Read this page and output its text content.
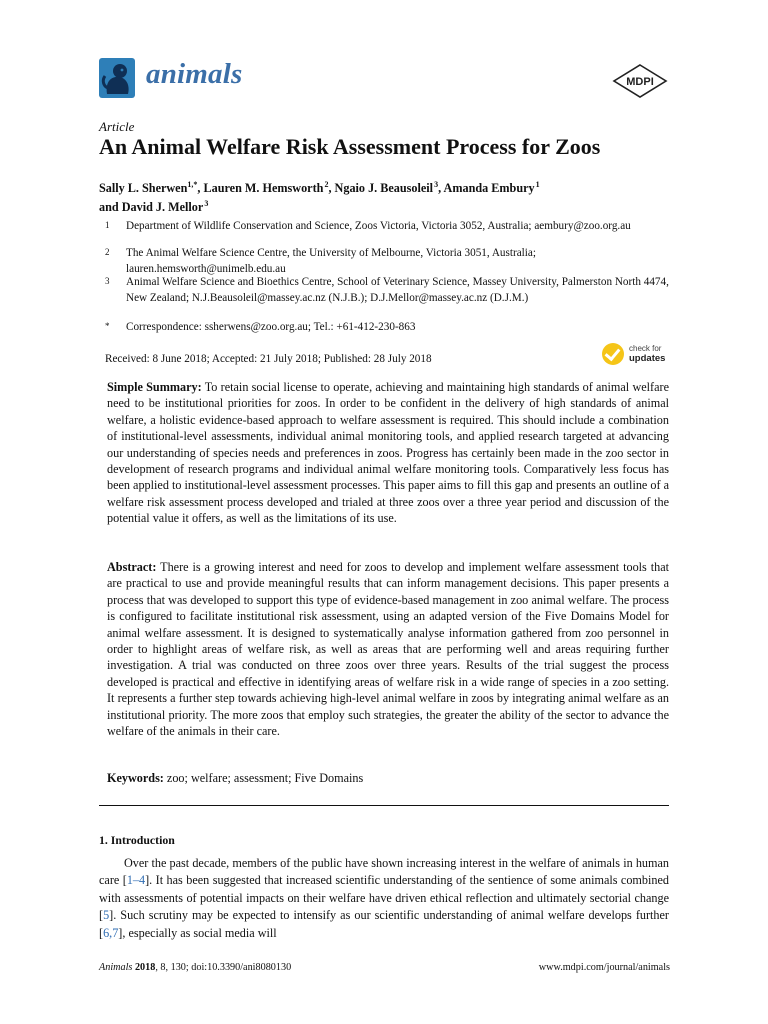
animals	MDPI
Article
An Animal Welfare Risk Assessment Process for Zoos
Sally L. Sherwen$^{1,*}$, Lauren M. Hemsworth $^2$, Ngaio J. Beausoleil $^3$, Amanda Embury $^1$
and David J. Mellor $^3$
1 Department of Wildlife Conservation and Science, Zoos Victoria, Victoria 3052, Australia; aembury@zoo.org.au
2 The Animal Welfare Science Centre, the University of Melbourne, Victoria 3051, Australia; lauren.hemsworth@unimelb.edu.au
3 Animal Welfare Science and Bioethics Centre, School of Veterinary Science, Massey University, Palmerston North 4474, New Zealand; N.J.Beausoleil@massey.ac.nz (N.J.B.); D.J.Mellor@massey.ac.nz (D.J.M.)
* Correspondence: ssherwens@zoo.org.au; Tel.: +61-412-230-863
Received: 8 June 2018; Accepted: 21 July 2018; Published: 28 July 2018
check for
updates
Simple Summary: To retain social license to operate, achieving and maintaining high standards of animal welfare need to be institutional priorities for zoos. In order to be confident in the delivery of high standards of animal welfare, a holistic evidence-based approach to welfare assessment is required. This should include a combination of institutional-level assessments, individual animal monitoring tools, and applied research targeted at advancing our understanding of species needs and preferences in zoos. Progress has certainly been made in the zoo sector in development of research programs and individual animal welfare monitoring tools. Comparatively less focus has been applied to institutional-level assessment processes. This paper aims to fill this gap and presents an outline of a welfare risk assessment process developed and trialed at three zoos over a three year period and discussion of the potential value it offers, as well as the limitations of its use.
Abstract: There is a growing interest and need for zoos to develop and implement welfare assessment tools that are practical to use and provide meaningful results that can inform management decisions. This paper presents a process that was developed to support this type of evidence-based management in zoo animal welfare. The process is configured to facilitate institutional risk assessment, using an adapted version of the Five Domains Model for animal welfare assessment. It is designed to systematically analyse information gathered from zoo personnel in order to highlight areas of welfare risk, as well as areas that are performing well and areas requiring further investigation. A trial was conducted on three zoos over three years. Results of the trial suggest the process developed is practical and effective in identifying areas of welfare risk in a wide range of species in a zoo setting. It represents a further step towards achieving high-level animal welfare in zoos by integrating animal welfare as an institutional priority. The more zoos that employ such strategies, the greater the ability of the sector to advance the welfare of the animals in their care.
Keywords: zoo; welfare; assessment; Five Domains
1. Introduction
Over the past decade, members of the public have shown increasing interest in the welfare of animals in human care [1–4]. It has been suggested that increased scientific understanding of the sentience of some animals combined with assessments of potential impacts on their welfare have driven ethical reflection and ultimately sectorial change [5]. Such scrutiny may be expected to intensify as our scientific understanding of animal welfare develops further [6,7], especially as social media will
Animals 2018, 8, 130; doi:10.3390/ani8080130	www.mdpi.com/journal/animals
